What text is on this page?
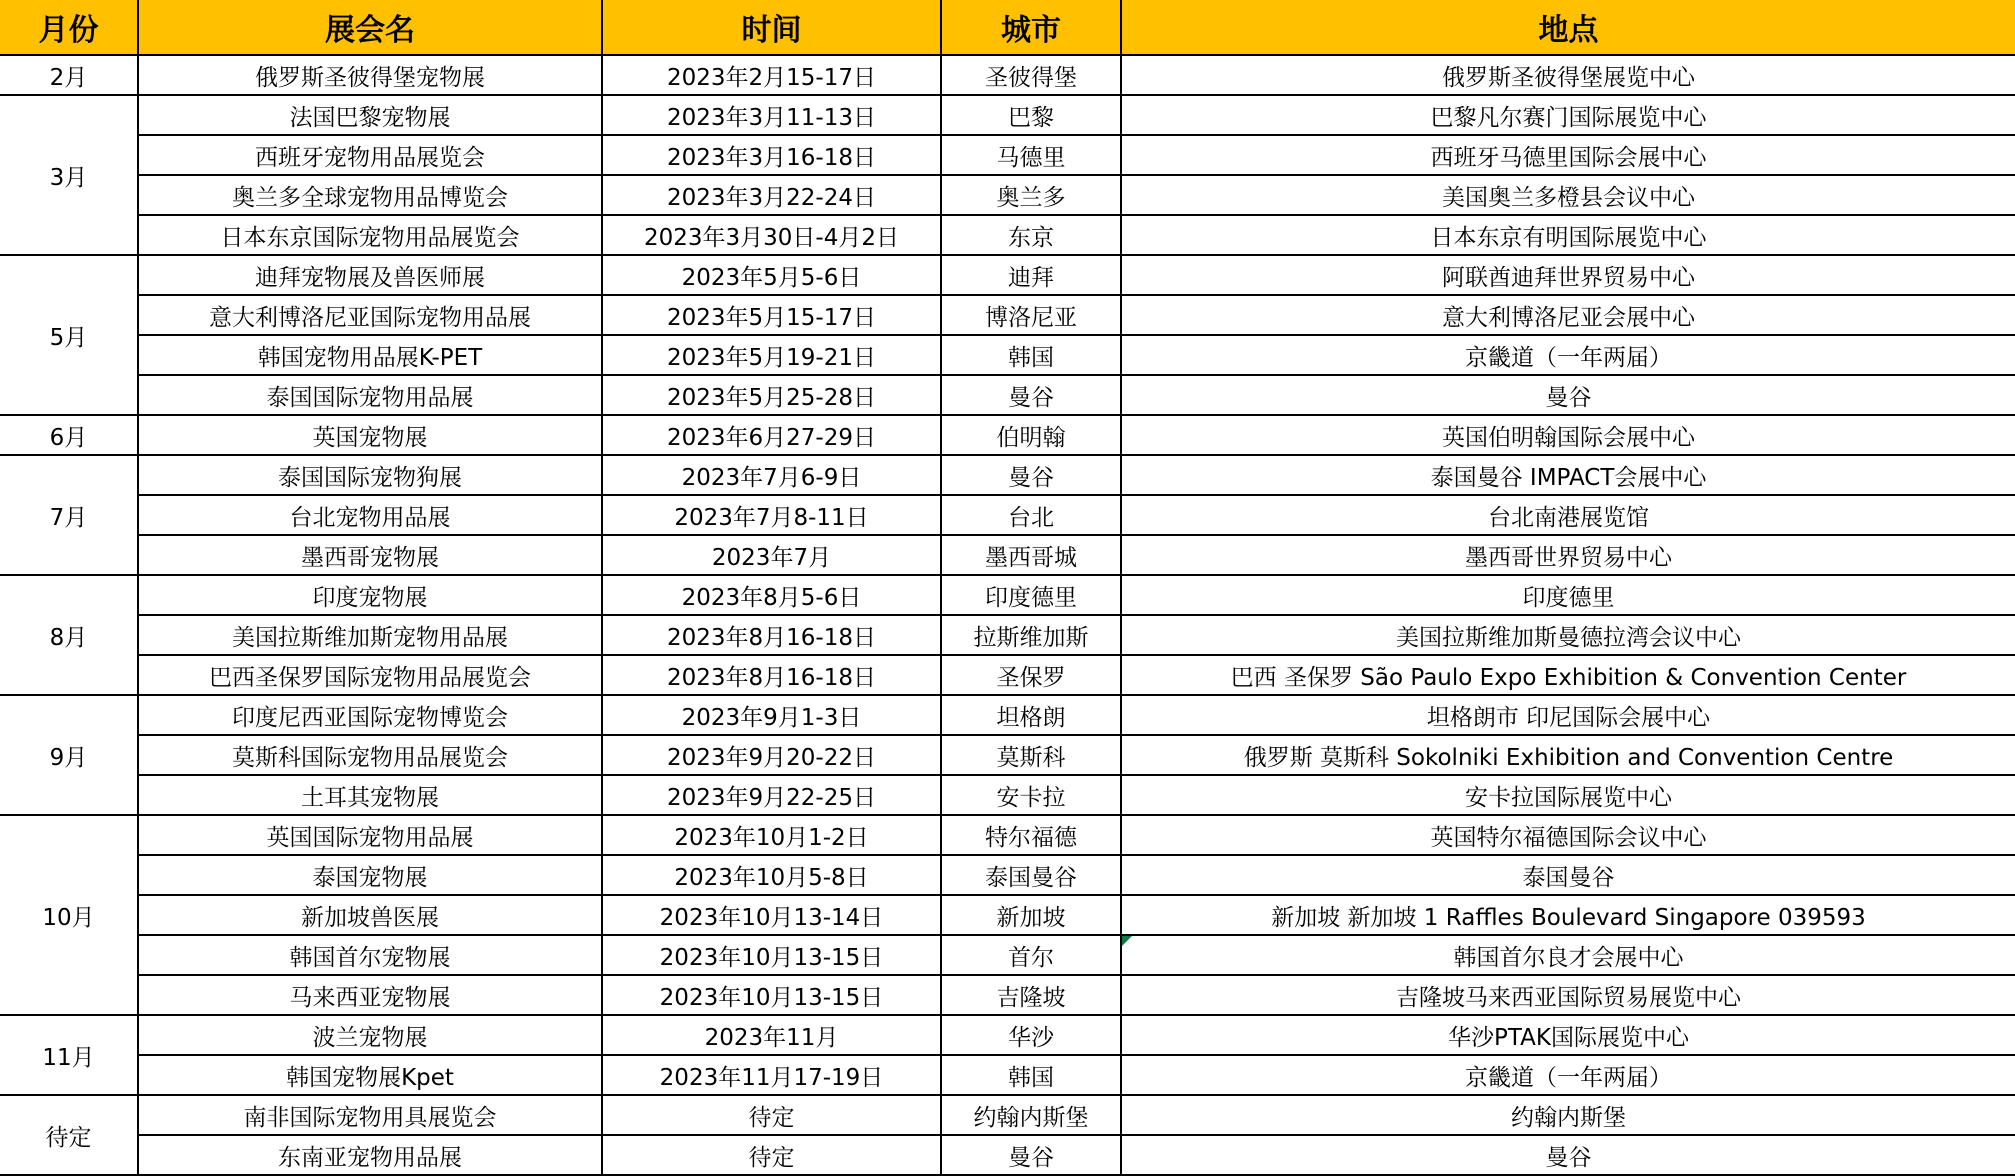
月份	展会名	时间	城市	地点
2月	俄罗斯圣彼得堡宠物展	2023年2月15-17日	圣彼得堡	俄罗斯圣彼得堡展览中心
3月	法国巴黎宠物展	2023年3月11-13日	巴黎	巴黎凡尔赛门国际展览中心
	西班牙宠物用品展览会	2023年3月16-18日	马德里	西班牙马德里国际会展中心
	奥兰多全球宠物用品博览会	2023年3月22-24日	奥兰多	美国奥兰多橙县会议中心
	日本东京国际宠物用品展览会	2023年3月30日-4月2日	东京	日本东京有明国际展览中心
5月	迪拜宠物展及兽医师展	2023年5月5-6日	迪拜	阿联酋迪拜世界贸易中心
	意大利博洛尼亚国际宠物用品展	2023年5月15-17日	博洛尼亚	意大利博洛尼亚会展中心
	韩国宠物用品展K-PET	2023年5月19-21日	韩国	京畿道（一年两届）
	泰国国际宠物用品展	2023年5月25-28日	曼谷	曼谷
6月	英国宠物展	2023年6月27-29日	伯明翰	英国伯明翰国际会展中心
7月	泰国国际宠物狗展	2023年7月6-9日	曼谷	泰国曼谷 IMPACT会展中心
	台北宠物用品展	2023年7月8-11日	台北	台北南港展览馆
	墨西哥宠物展	2023年7月	墨西哥城	墨西哥世界贸易中心
8月	印度宠物展	2023年8月5-6日	印度德里	印度德里
	美国拉斯维加斯宠物用品展	2023年8月16-18日	拉斯维加斯	美国拉斯维加斯曼德拉湾会议中心
	巴西圣保罗国际宠物用品展览会	2023年8月16-18日	圣保罗	巴西 圣保罗 São Paulo Expo Exhibition & Convention Center
9月	印度尼西亚国际宠物博览会	2023年9月1-3日	坦格朗	坦格朗市 印尼国际会展中心
	莫斯科国际宠物用品展览会	2023年9月20-22日	莫斯科	俄罗斯 莫斯科 Sokolniki Exhibition and Convention Centre
	土耳其宠物展	2023年9月22-25日	安卡拉	安卡拉国际展览中心
10月	英国国际宠物用品展	2023年10月1-2日	特尔福德	英国特尔福德国际会议中心
	泰国宠物展	2023年10月5-8日	泰国曼谷	泰国曼谷
	新加坡兽医展	2023年10月13-14日	新加坡	新加坡 新加坡 1 Raffles Boulevard Singapore 039593
	韩国首尔宠物展	2023年10月13-15日	首尔	韩国首尔良才会展中心
	马来西亚宠物展	2023年10月13-15日	吉隆坡	吉隆坡马来西亚国际贸易展览中心
11月	波兰宠物展	2023年11月	华沙	华沙PTAK国际展览中心
	韩国宠物展Kpet	2023年11月17-19日	韩国	京畿道（一年两届）
待定	南非国际宠物用具展览会	待定	约翰内斯堡	约翰内斯堡
	东南亚宠物用品展	待定	曼谷	曼谷
